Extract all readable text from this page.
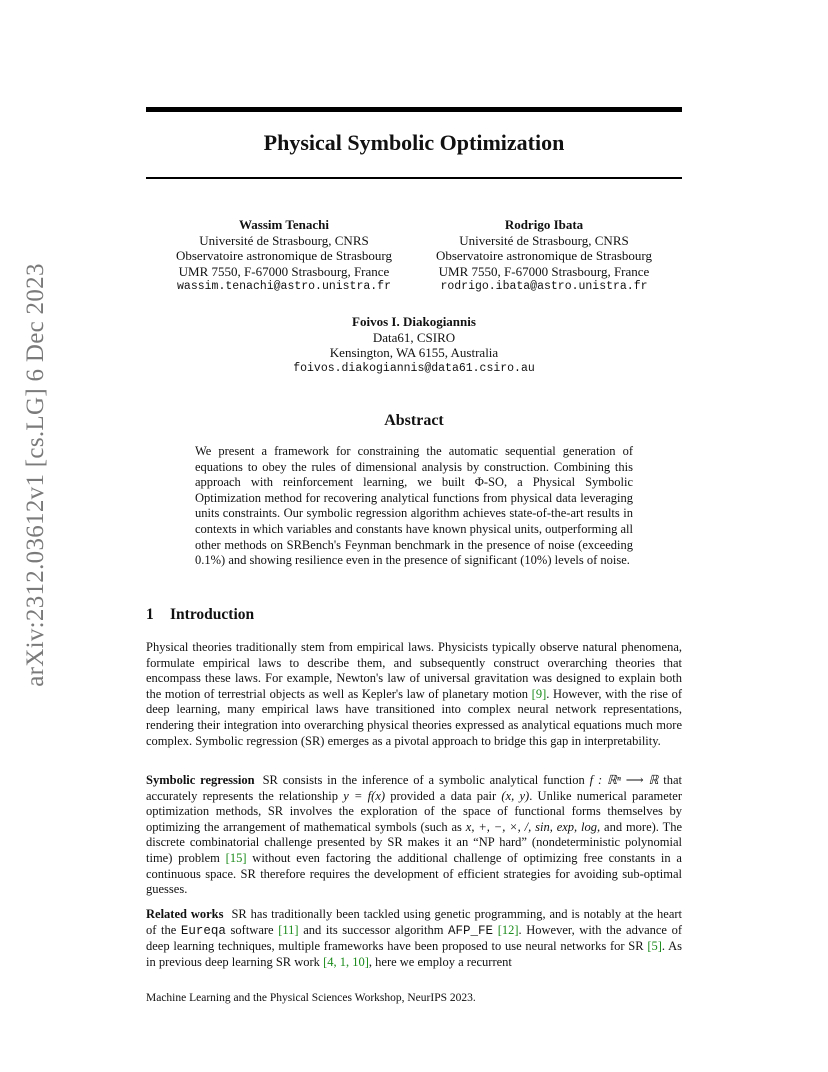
arXiv:2312.03612v1 [cs.LG] 6 Dec 2023
Physical Symbolic Optimization
Wassim Tenachi
Université de Strasbourg, CNRS
Observatoire astronomique de Strasbourg
UMR 7550, F-67000 Strasbourg, France
wassim.tenachi@astro.unistra.fr
Rodrigo Ibata
Université de Strasbourg, CNRS
Observatoire astronomique de Strasbourg
UMR 7550, F-67000 Strasbourg, France
rodrigo.ibata@astro.unistra.fr
Foivos I. Diakogiannis
Data61, CSIRO
Kensington, WA 6155, Australia
foivos.diakogiannis@data61.csiro.au
Abstract
We present a framework for constraining the automatic sequential generation of equations to obey the rules of dimensional analysis by construction. Combining this approach with reinforcement learning, we built Φ-SO, a Physical Symbolic Optimization method for recovering analytical functions from physical data leveraging units constraints. Our symbolic regression algorithm achieves state-of-the-art results in contexts in which variables and constants have known physical units, outperforming all other methods on SRBench's Feynman benchmark in the presence of noise (exceeding 0.1%) and showing resilience even in the presence of significant (10%) levels of noise.
1 Introduction
Physical theories traditionally stem from empirical laws. Physicists typically observe natural phenomena, formulate empirical laws to describe them, and subsequently construct overarching theories that encompass these laws. For example, Newton's law of universal gravitation was designed to explain both the motion of terrestrial objects as well as Kepler's law of planetary motion [9]. However, with the rise of deep learning, many empirical laws have transitioned into complex neural network representations, rendering their integration into overarching physical theories expressed as analytical equations much more complex. Symbolic regression (SR) emerges as a pivotal approach to bridge this gap in interpretability.
Symbolic regression SR consists in the inference of a symbolic analytical function f : ℝⁿ ⟶ ℝ that accurately represents the relationship y = f(x) provided a data pair (x, y). Unlike numerical parameter optimization methods, SR involves the exploration of the space of functional forms themselves by optimizing the arrangement of mathematical symbols (such as x, +, −, ×, /, sin, exp, log, and more). The discrete combinatorial challenge presented by SR makes it an “NP hard” (nondeterministic polynomial time) problem [15] without even factoring the additional challenge of optimizing free constants in a continuous space. SR therefore requires the development of efficient strategies for avoiding sub-optimal guesses.
Related works SR has traditionally been tackled using genetic programming, and is notably at the heart of the Eureqa software [11] and its successor algorithm AFP_FE [12]. However, with the advance of deep learning techniques, multiple frameworks have been proposed to use neural networks for SR [5]. As in previous deep learning SR work [4, 1, 10], here we employ a recurrent
Machine Learning and the Physical Sciences Workshop, NeurIPS 2023.
